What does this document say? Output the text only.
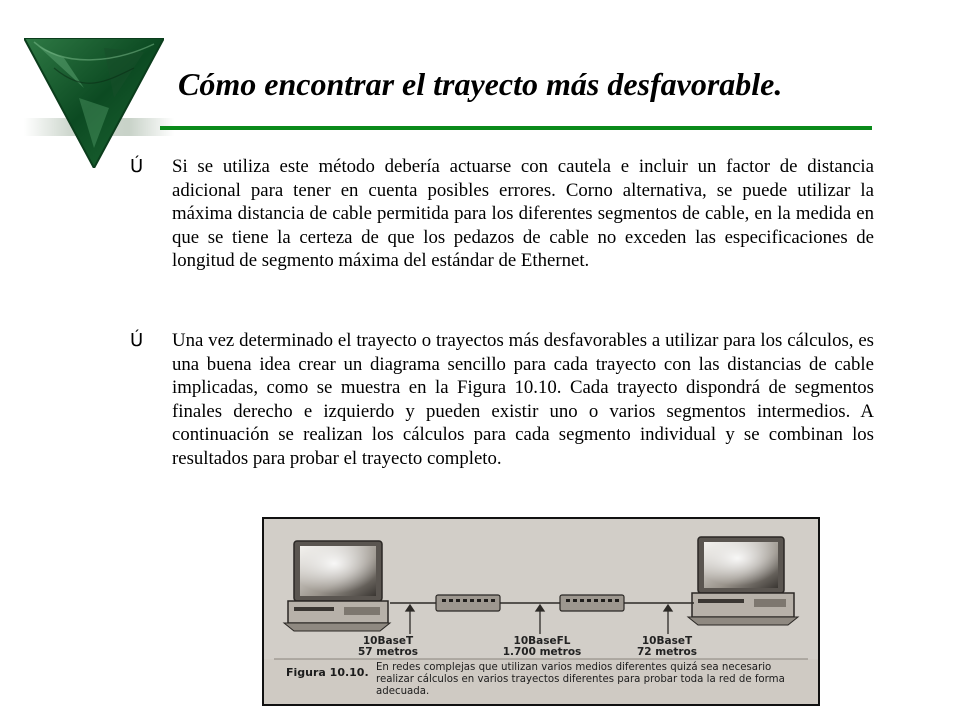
Cómo encontrar el trayecto más desfavorable.
Ú Si se utiliza este método debería actuarse con cautela e incluir un factor de distancia adicional para tener en cuenta posibles errores. Corno alternativa, se puede utilizar la máxima distancia de cable permitida para los diferentes segmentos de cable, en la medida en que se tiene la certeza de que los pedazos de cable no exceden las especificaciones de longitud de segmento máxima del estándar de Ethernet.

Ú Una vez determinado el trayecto o trayectos más desfavorables a utilizar para los cálculos, es una buena idea crear un diagrama sencillo para cada trayecto con las distancias de cable implicadas, como se muestra en la Figura 10.10. Cada trayecto dispondrá de segmentos finales derecho e izquierdo y pueden existir uno o varios segmentos intermedios. A continuación se realizan los cálculos para cada segmento individual y se combinan los resultados para probar el trayecto completo.

10BaseT
57 metros
10BaseFL
1.700 metros
10BaseT
72 metros
Figura 10.10. En redes complejas que utilizan varios medios diferentes quizá sea necesario realizar cálculos en varios trayectos diferentes para probar toda la red de forma adecuada.
